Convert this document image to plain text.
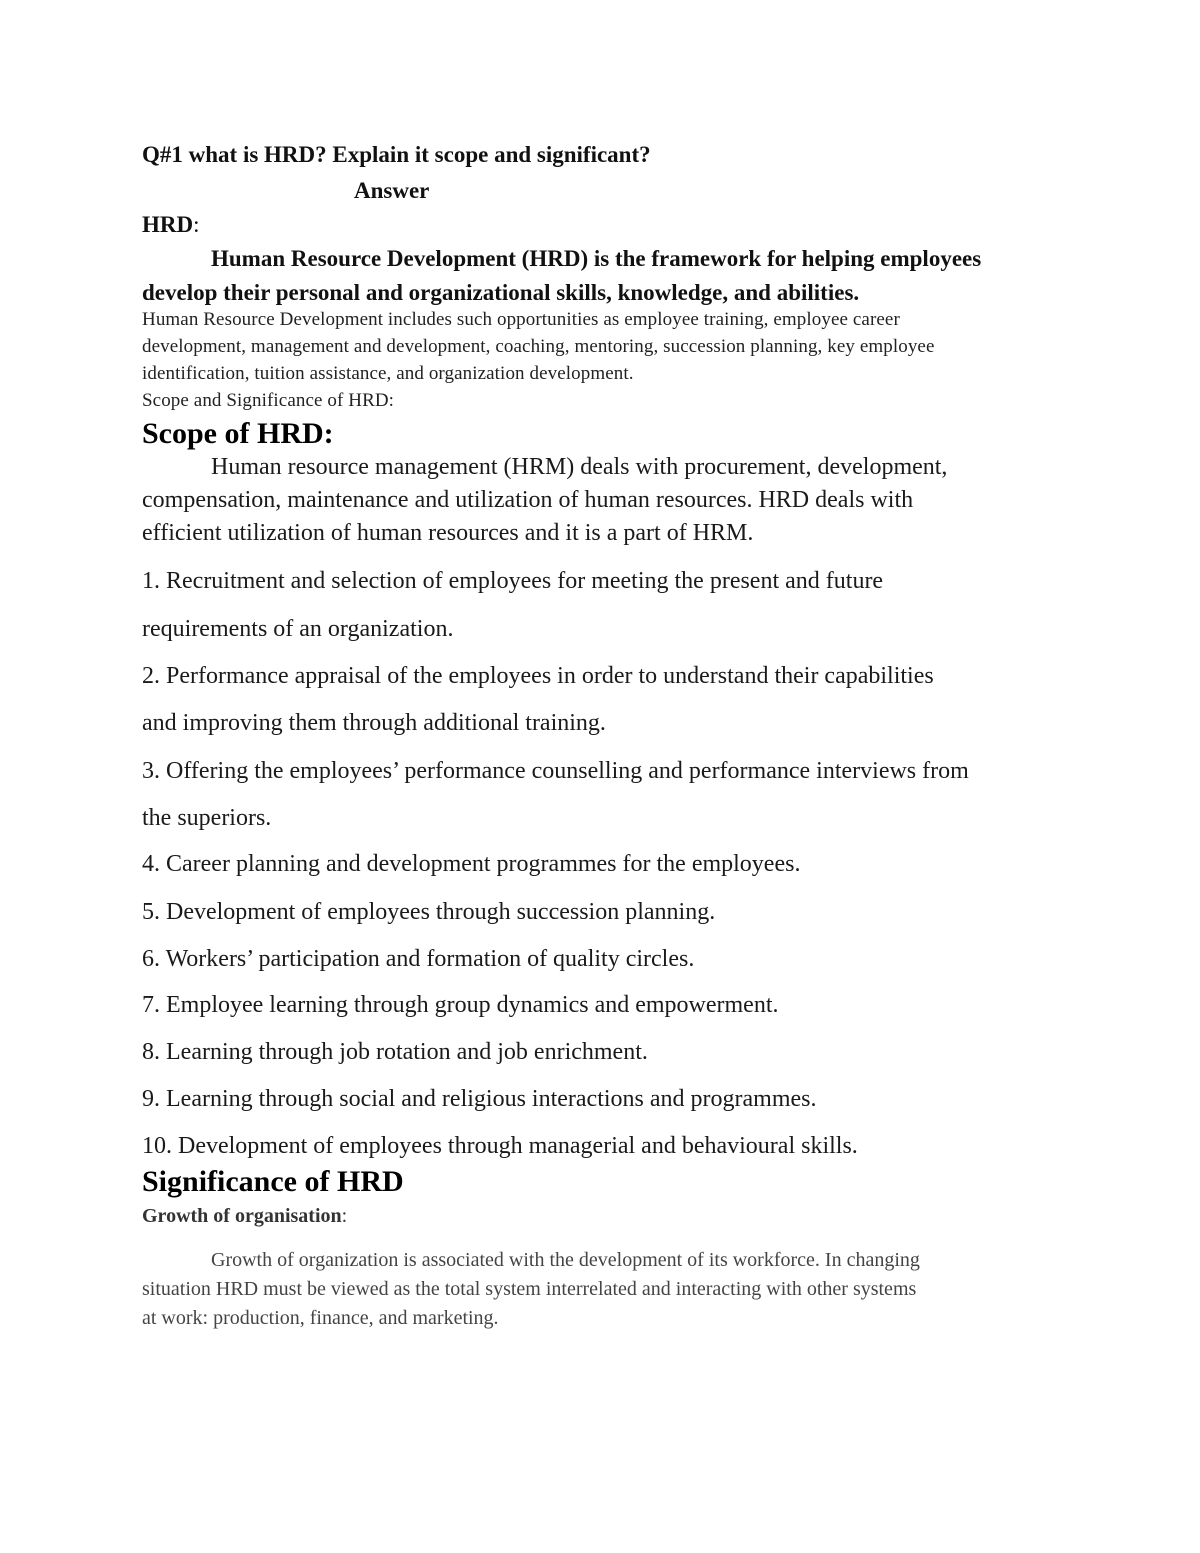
Q#1 what is HRD? Explain it scope and significant?

Answer

HRD:

Human Resource Development (HRD) is the framework for helping employees

develop their personal and organizational skills, knowledge, and abilities.

Human Resource Development includes such opportunities as employee training, employee career

development, management and development, coaching, mentoring, succession planning, key employee

identification, tuition assistance, and organization development.

Scope and Significance of HRD:

Scope of HRD:

Human resource management (HRM) deals with procurement, development,

compensation, maintenance and utilization of human resources. HRD deals with

efficient utilization of human resources and it is a part of HRM.

1. Recruitment and selection of employees for meeting the present and future

requirements of an organization.

2. Performance appraisal of the employees in order to understand their capabilities

and improving them through additional training.

3. Offering the employees’ performance counselling and performance interviews from

the superiors.

4. Career planning and development programmes for the employees.

5. Development of employees through succession planning.

6. Workers’ participation and formation of quality circles.

7. Employee learning through group dynamics and empowerment.

8. Learning through job rotation and job enrichment.

9. Learning through social and religious interactions and programmes.

10. Development of employees through managerial and behavioural skills.

Significance of HRD

Growth of organisation:

Growth of organization is associated with the development of its workforce. In changing

situation HRD must be viewed as the total system interrelated and interacting with other systems

at work: production, finance, and marketing.
